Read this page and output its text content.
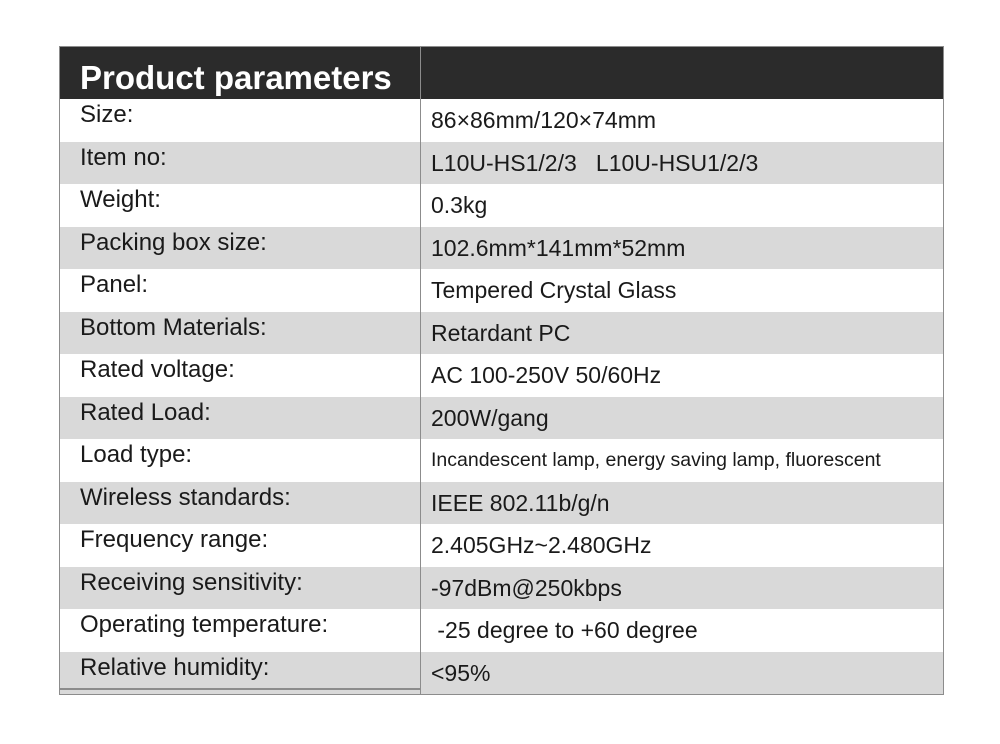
Product parameters
Size:	86×86mm/120×74mm
Item no:	L10U-HS1/2/3   L10U-HSU1/2/3
Weight:	0.3kg
Packing box size:	102.6mm*141mm*52mm
Panel:	Tempered Crystal Glass
Bottom Materials:	Retardant PC
Rated voltage:	AC 100-250V 50/60Hz
Rated Load:	200W/gang
Load type:	Incandescent lamp, energy saving lamp, fluorescent
Wireless standards:	IEEE 802.11b/g/n
Frequency range:	2.405GHz~2.480GHz
Receiving sensitivity:	-97dBm@250kbps
Operating temperature:	-25 degree to +60 degree
Relative humidity:	<95%
